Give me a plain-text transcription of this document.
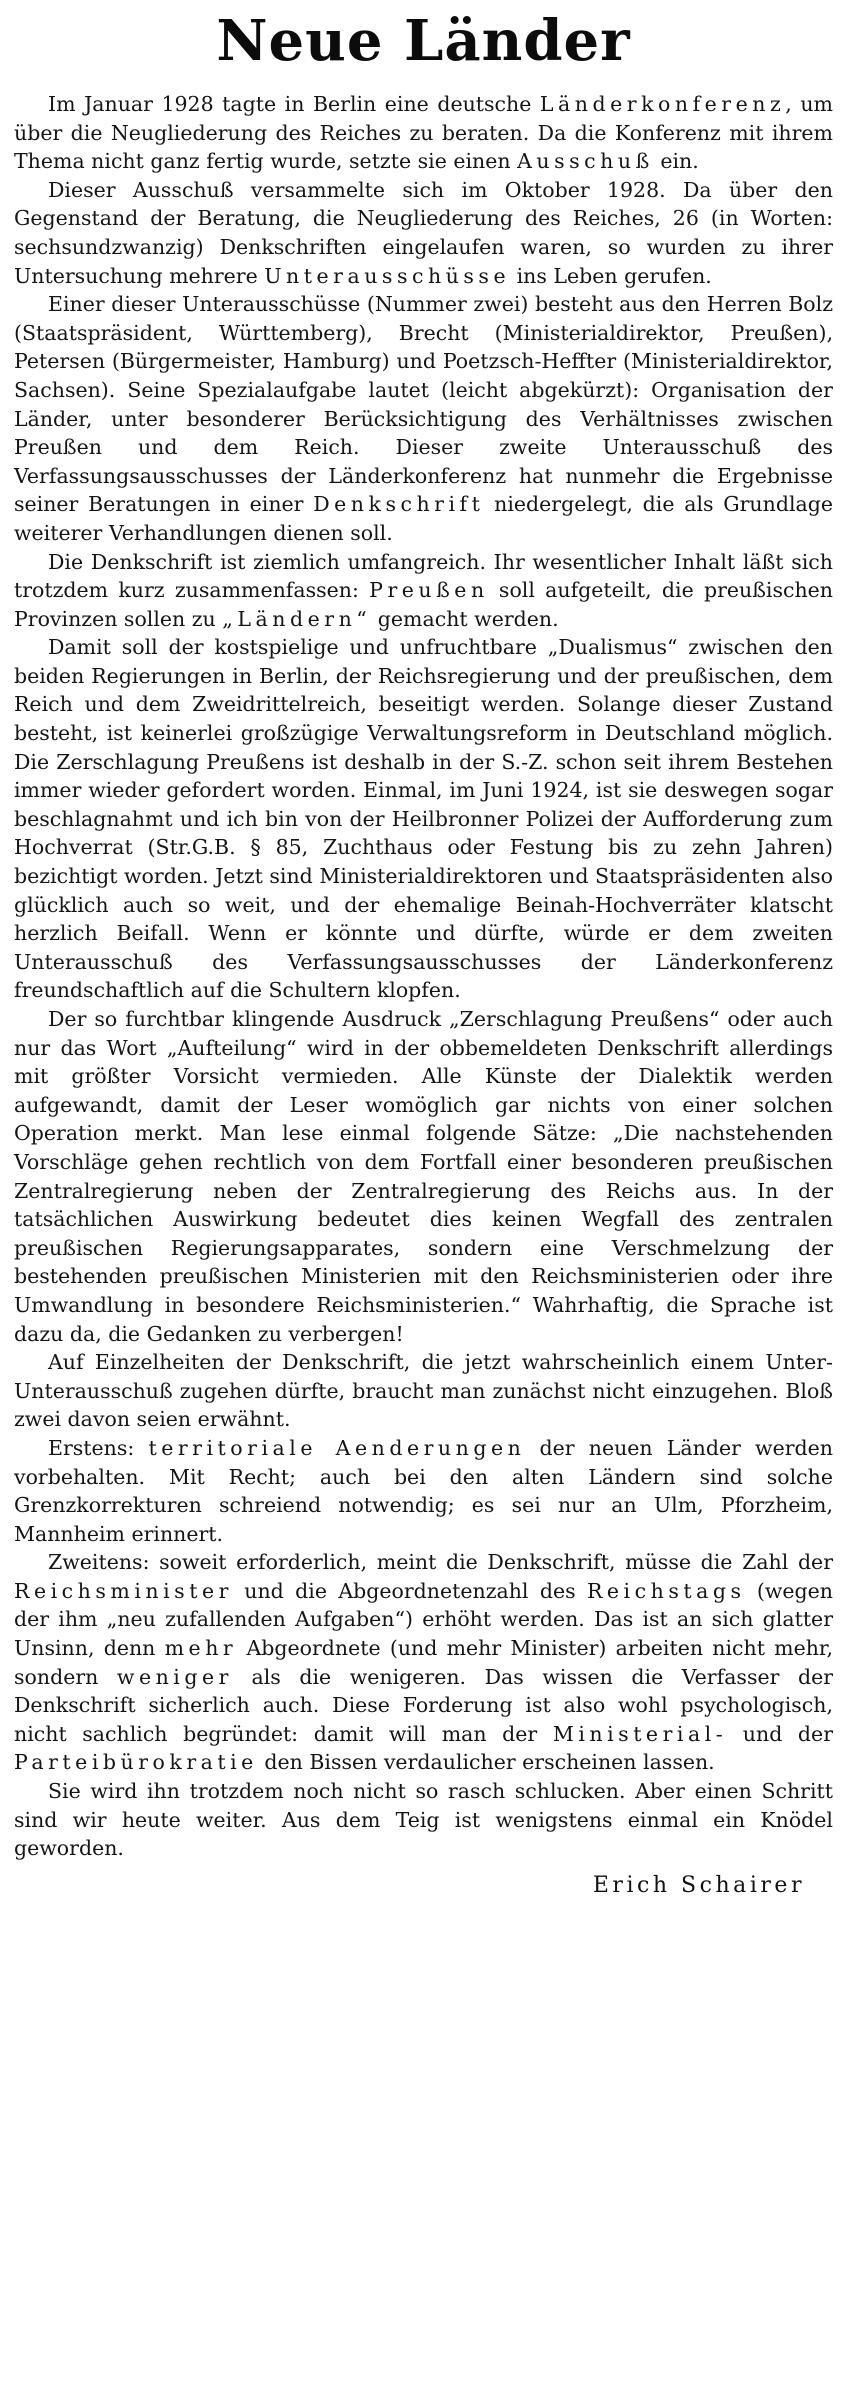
Neue Länder

Im Januar 1928 tagte in Berlin eine deutsche Länderkonferenz, um über die Neugliederung des Reiches zu beraten. Da die Konferenz mit ihrem Thema nicht ganz fertig wurde, setzte sie einen Ausschuß ein.

Dieser Ausschuß versammelte sich im Oktober 1928. Da über den Gegenstand der Beratung, die Neugliederung des Reiches, 26 (in Worten: sechsundzwanzig) Denkschriften eingelaufen waren, so wurden zu ihrer Untersuchung mehrere Unterausschüsse ins Leben gerufen.

Einer dieser Unterausschüsse (Nummer zwei) besteht aus den Herren Bolz (Staatspräsident, Württemberg), Brecht (Ministerialdirektor, Preußen), Petersen (Bürgermeister, Hamburg) und Poetzsch-Heffter (Ministerialdirektor, Sachsen). Seine Spezialaufgabe lautet (leicht abgekürzt): Organisation der Länder, unter besonderer Berücksichtigung des Verhältnisses zwischen Preußen und dem Reich. Dieser zweite Unterausschuß des Verfassungsausschusses der Länderkonferenz hat nunmehr die Ergebnisse seiner Beratungen in einer Denkschrift niedergelegt, die als Grundlage weiterer Verhandlungen dienen soll.

Die Denkschrift ist ziemlich umfangreich. Ihr wesentlicher Inhalt läßt sich trotzdem kurz zusammenfassen: Preußen soll aufgeteilt, die preußischen Provinzen sollen zu „Ländern“ gemacht werden.

Damit soll der kostspielige und unfruchtbare „Dualismus“ zwischen den beiden Regierungen in Berlin, der Reichsregierung und der preußischen, dem Reich und dem Zweidrittelreich, beseitigt werden. Solange dieser Zustand besteht, ist keinerlei großzügige Verwaltungsreform in Deutschland möglich. Die Zerschlagung Preußens ist deshalb in der S.-Z. schon seit ihrem Bestehen immer wieder gefordert worden. Einmal, im Juni 1924, ist sie deswegen sogar beschlagnahmt und ich bin von der Heilbronner Polizei der Aufforderung zum Hochverrat (Str.G.B. § 85, Zuchthaus oder Festung bis zu zehn Jahren) bezichtigt worden. Jetzt sind Ministerialdirektoren und Staatspräsidenten also glücklich auch so weit, und der ehemalige Beinah-Hochverräter klatscht herzlich Beifall. Wenn er könnte und dürfte, würde er dem zweiten Unterausschuß des Verfassungsausschusses der Länderkonferenz freundschaftlich auf die Schultern klopfen.

Der so furchtbar klingende Ausdruck „Zerschlagung Preußens“ oder auch nur das Wort „Aufteilung“ wird in der obbemeldeten Denkschrift allerdings mit größter Vorsicht vermieden. Alle Künste der Dialektik werden aufgewandt, damit der Leser womöglich gar nichts von einer solchen Operation merkt. Man lese einmal folgende Sätze: „Die nachstehenden Vorschläge gehen rechtlich von dem Fortfall einer besonderen preußischen Zentralregierung neben der Zentralregierung des Reichs aus. In der tatsächlichen Auswirkung bedeutet dies keinen Wegfall des zentralen preußischen Regierungsapparates, sondern eine Verschmelzung der bestehenden preußischen Ministerien mit den Reichsministerien oder ihre Umwandlung in besondere Reichsministerien.“ Wahrhaftig, die Sprache ist dazu da, die Gedanken zu verbergen!

Auf Einzelheiten der Denkschrift, die jetzt wahrscheinlich einem Unter-Unterausschuß zugehen dürfte, braucht man zunächst nicht einzugehen. Bloß zwei davon seien erwähnt.

Erstens: territoriale Aenderungen der neuen Länder werden vorbehalten. Mit Recht; auch bei den alten Ländern sind solche Grenzkorrekturen schreiend notwendig; es sei nur an Ulm, Pforzheim, Mannheim erinnert.

Zweitens: soweit erforderlich, meint die Denkschrift, müsse die Zahl der Reichsminister und die Abgeordnetenzahl des Reichstags (wegen der ihm „neu zufallenden Aufgaben“) erhöht werden. Das ist an sich glatter Unsinn, denn mehr Abgeordnete (und mehr Minister) arbeiten nicht mehr, sondern weniger als die wenigeren. Das wissen die Verfasser der Denkschrift sicherlich auch. Diese Forderung ist also wohl psychologisch, nicht sachlich begründet: damit will man der Ministerial- und der Parteibürokratie den Bissen verdaulicher erscheinen lassen.

Sie wird ihn trotzdem noch nicht so rasch schlucken. Aber einen Schritt sind wir heute weiter. Aus dem Teig ist wenigstens einmal ein Knödel geworden.

Erich Schairer
